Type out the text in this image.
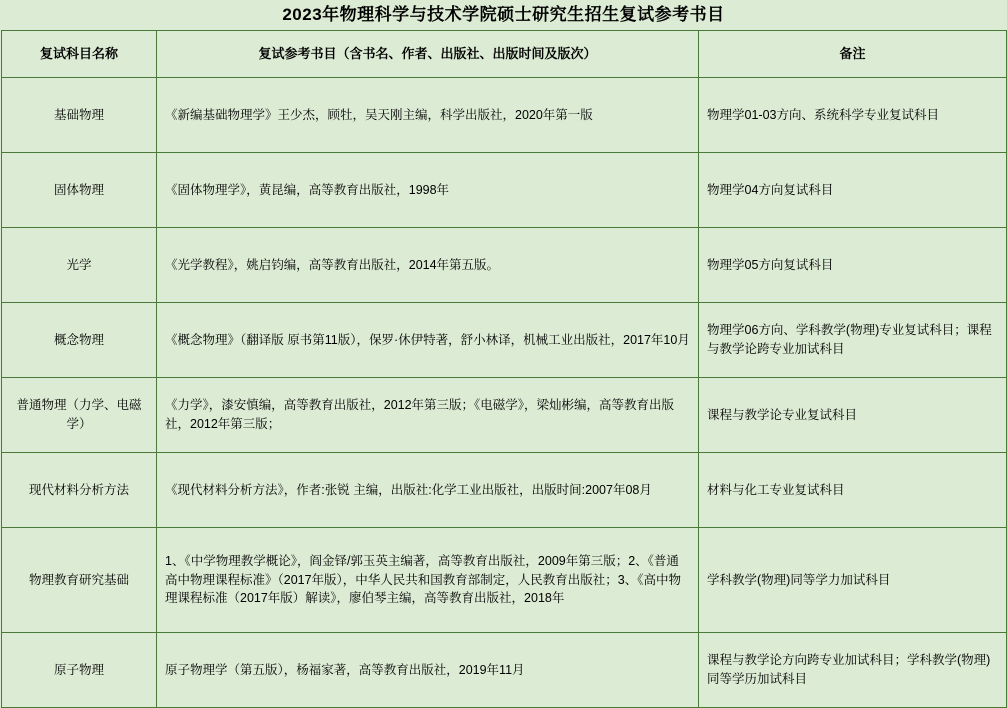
2023年物理科学与技术学院硕士研究生招生复试参考书目
复试科目名称	复试参考书目（含书名、作者、出版社、出版时间及版次）	备注
基础物理	《新编基础物理学》王少杰，顾牡，吴天刚主编，科学出版社，2020年第一版	物理学01-03方向、系统科学专业复试科目
固体物理	《固体物理学》，黄昆编，高等教育出版社，1998年	物理学04方向复试科目
光学	《光学教程》，姚启钧编，高等教育出版社，2014年第五版。	物理学05方向复试科目
概念物理	《概念物理》（翻译版 原书第11版），保罗·休伊特著，舒小林译，机械工业出版社，2017年10月	物理学06方向、学科教学(物理)专业复试科目；课程与教学论跨专业加试科目
普通物理（力学、电磁学）	《力学》，漆安慎编，高等教育出版社，2012年第三版；《电磁学》，梁灿彬编，高等教育出版社，2012年第三版；	课程与教学论专业复试科目
现代材料分析方法	《现代材料分析方法》，作者:张锐 主编，出版社:化学工业出版社，出版时间:2007年08月	材料与化工专业复试科目
物理教育研究基础	1、《中学物理教学概论》，阎金铎/郭玉英主编著，高等教育出版社，2009年第三版；2、《普通高中物理课程标准》（2017年版），中华人民共和国教育部制定，人民教育出版社；3、《高中物理课程标准（2017年版）解读》，廖伯琴主编，高等教育出版社，2018年	学科教学(物理)同等学力加试科目
原子物理	原子物理学（第五版），杨福家著，高等教育出版社，2019年11月	课程与教学论方向跨专业加试科目；学科教学(物理)同等学历加试科目
